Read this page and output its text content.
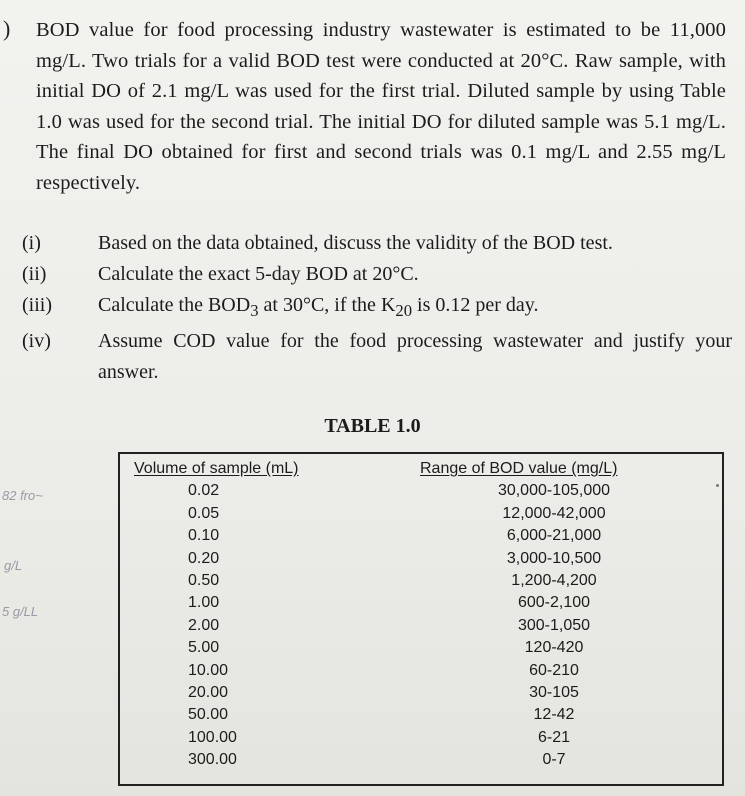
)
BOD value for food processing industry wastewater is estimated to be 11,000 mg/L. Two trials for a valid BOD test were conducted at 20°C. Raw sample, with initial DO of 2.1 mg/L was used for the first trial. Diluted sample by using Table 1.0 was used for the second trial. The initial DO for diluted sample was 5.1 mg/L. The final DO obtained for first and second trials was 0.1 mg/L and 2.55 mg/L respectively.
(i)	Based on the data obtained, discuss the validity of the BOD test.
(ii)	Calculate the exact 5-day BOD at 20°C.
(iii) Calculate the $BOD_3$ at 30°C, if the $K_{20}$ is 0.12 per day.
(iv) Assume COD value for the food processing wastewater and justify your answer.
TABLE 1.0
Volume of sample (mL)
0.02
0.05
0.10
0.20
0.50
1.00
2.00
5.00
10.00
20.00
50.00
100.00
300.00
Range of BOD value (mg/L)
30,000-105,000
12,000-42,000
6,000-21,000
3,000-10,500
1,200-4,200
600-2,100
300-1,050
120-420
60-210
30-105
12-42
6-21
0-7
82 fro~
g/L
5 g/LL
